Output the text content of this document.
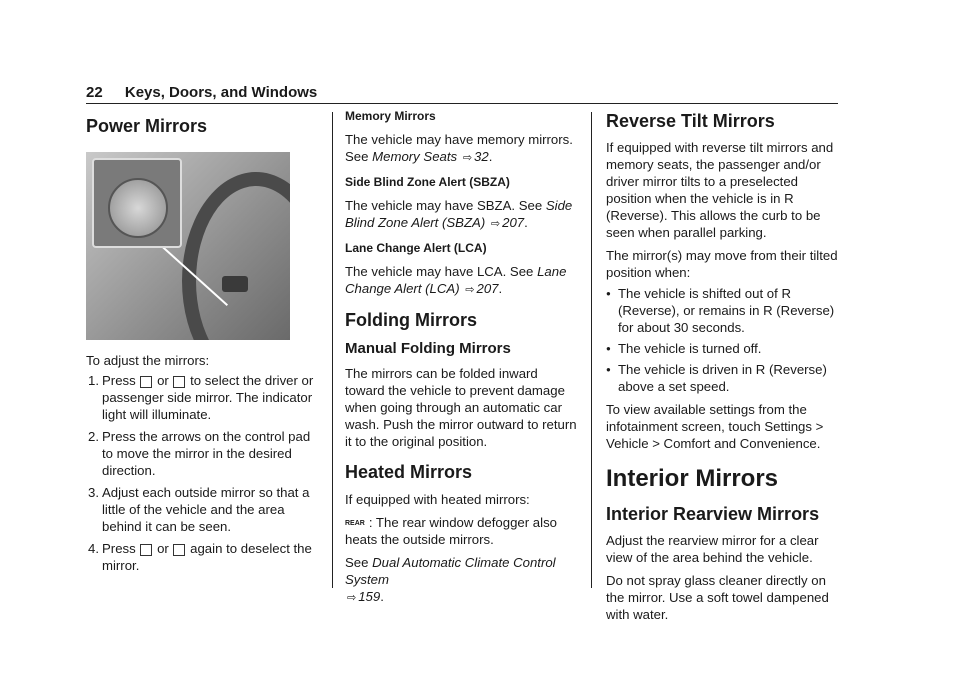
22 Keys, Doors, and Windows
Power Mirrors

To adjust the mirrors:

1. Press or to select the driver or passenger side mirror. The indicator light will illuminate.
2. Press the arrows on the control pad to move the mirror in the desired direction.
3. Adjust each outside mirror so that a little of the vehicle and the area behind it can be seen.
4. Press or again to deselect the mirror.
Memory Mirrors

The vehicle may have memory mirrors. See Memory Seats ⇨ 32.

Side Blind Zone Alert (SBZA)

The vehicle may have SBZA. See Side Blind Zone Alert (SBZA) ⇨ 207.

Lane Change Alert (LCA)

The vehicle may have LCA. See Lane Change Alert (LCA) ⇨ 207.

Folding Mirrors
Manual Folding Mirrors

The mirrors can be folded inward toward the vehicle to prevent damage when going through an automatic car wash. Push the mirror outward to return it to the original position.

Heated Mirrors

If equipped with heated mirrors:

REAR : The rear window defogger also heats the outside mirrors.

See Dual Automatic Climate Control System
⇨ 159.

Reverse Tilt Mirrors

If equipped with reverse tilt mirrors and memory seats, the passenger and/or driver mirror tilts to a preselected position when the vehicle is in R (Reverse). This allows the curb to be seen when parallel parking.

The mirror(s) may move from their tilted position when:

● The vehicle is shifted out of R (Reverse), or remains in R (Reverse) for about 30 seconds.
● The vehicle is turned off.
● The vehicle is driven in R (Reverse) above a set speed.

To view available settings from the infotainment screen, touch Settings > Vehicle > Comfort and Convenience.

Interior Mirrors
Interior Rearview Mirrors

Adjust the rearview mirror for a clear view of the area behind the vehicle.

Do not spray glass cleaner directly on the mirror. Use a soft towel dampened with water.
